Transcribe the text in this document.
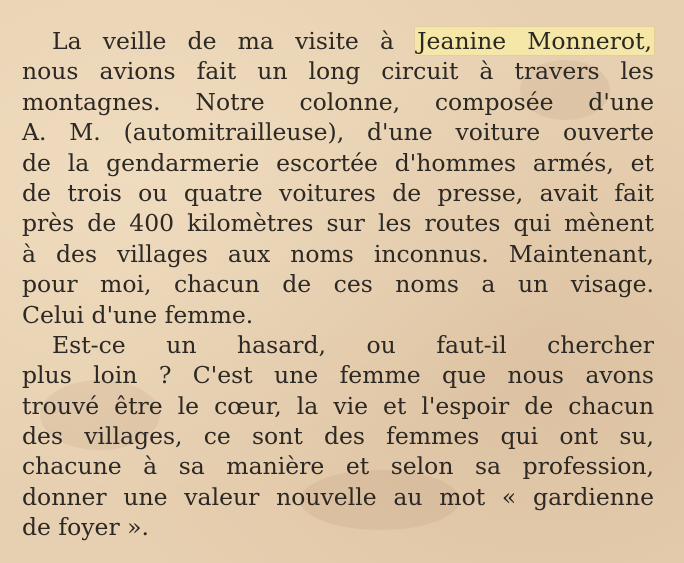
La veille de ma visite à Jeanine Monnerot,
nous avions fait un long circuit à travers les
montagnes. Notre colonne, composée d'une
A. M. (automitrailleuse), d'une voiture ouverte
de la gendarmerie escortée d'hommes armés, et
de trois ou quatre voitures de presse, avait fait
près de 400 kilomètres sur les routes qui mènent
à des villages aux noms inconnus. Maintenant,
pour moi, chacun de ces noms a un visage.
Celui d'une femme.
Est-ce un hasard, ou faut-il chercher
plus loin ? C'est une femme que nous avons
trouvé être le cœur, la vie et l'espoir de chacun
des villages, ce sont des femmes qui ont su,
chacune à sa manière et selon sa profession,
donner une valeur nouvelle au mot « gardienne
de foyer ».
